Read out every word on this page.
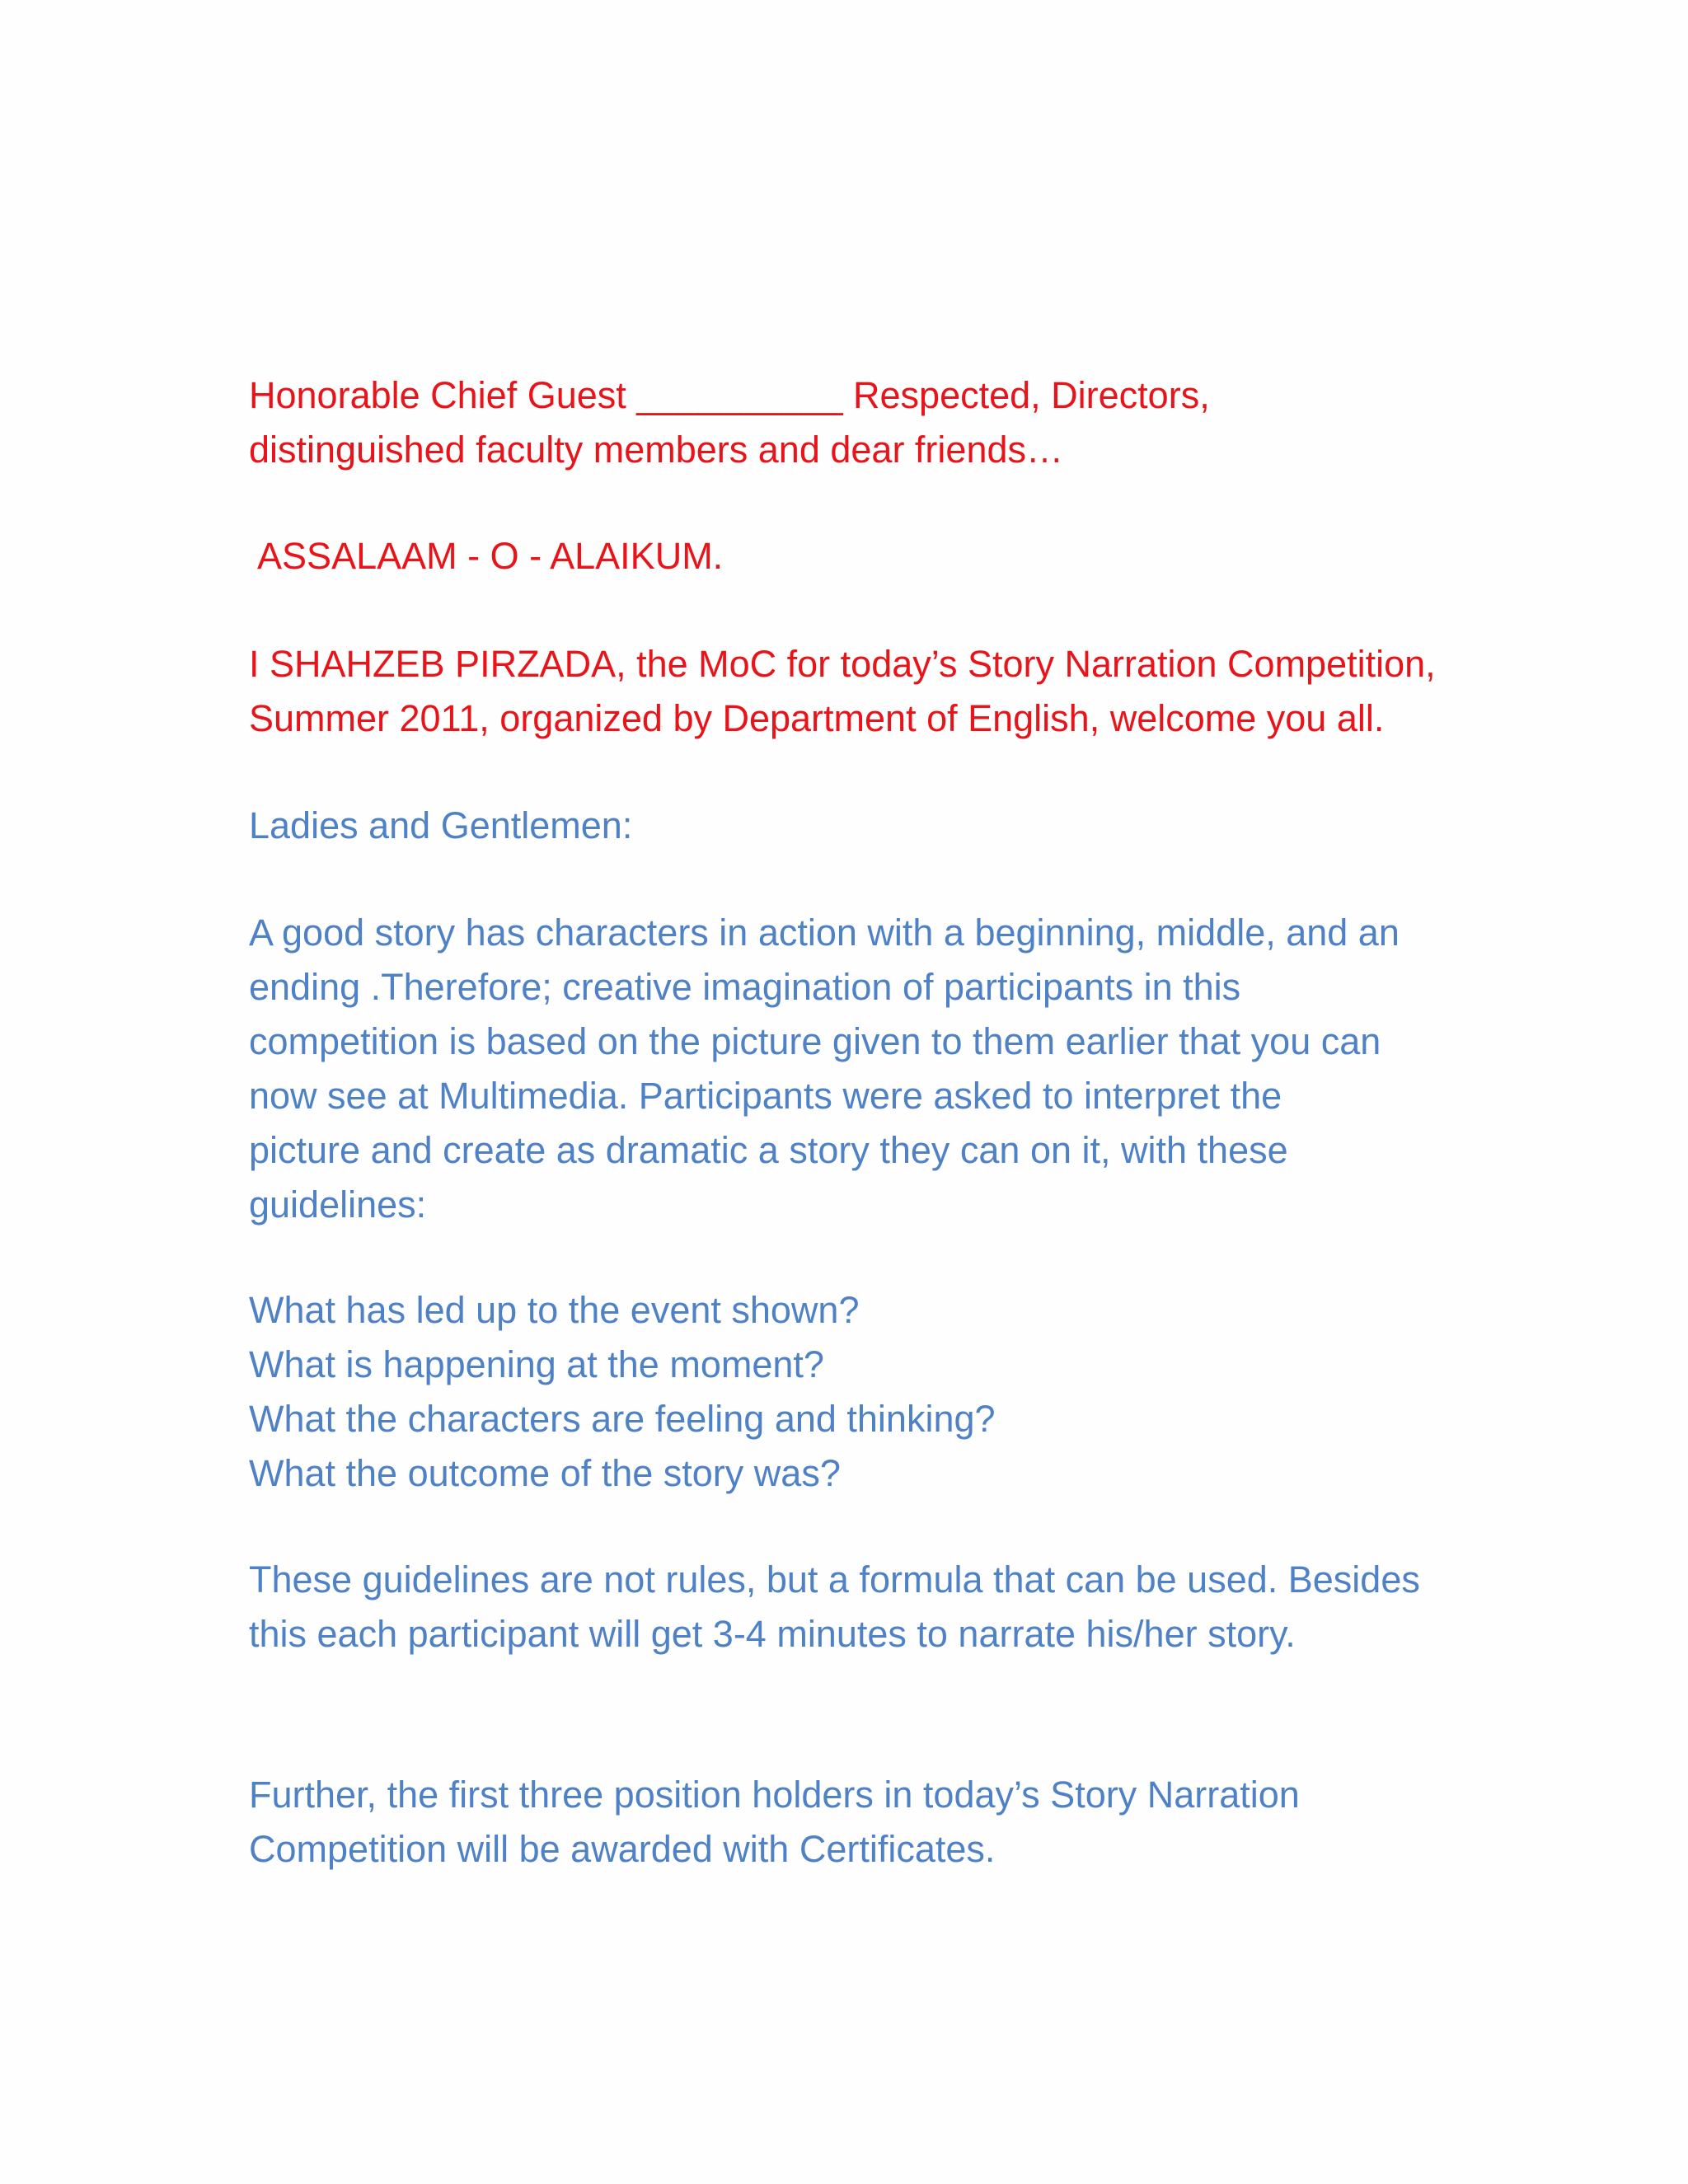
Honorable Chief Guest __________ Respected, Directors,
distinguished faculty members and dear friends…
ASSALAAM - O - ALAIKUM.
I SHAHZEB PIRZADA, the MoC for today’s Story Narration Competition,
Summer 2011, organized by Department of English, welcome you all.
Ladies and Gentlemen:
A good story has characters in action with a beginning, middle, and an
ending .Therefore; creative imagination of participants in this
competition is based on the picture given to them earlier that you can
now see at Multimedia. Participants were asked to interpret the
picture and create as dramatic a story they can on it, with these
guidelines:
What has led up to the event shown?
What is happening at the moment?
What the characters are feeling and thinking?
What the outcome of the story was?
These guidelines are not rules, but a formula that can be used. Besides
this each participant will get 3-4 minutes to narrate his/her story.
Further, the first three position holders in today’s Story Narration
Competition will be awarded with Certificates.
